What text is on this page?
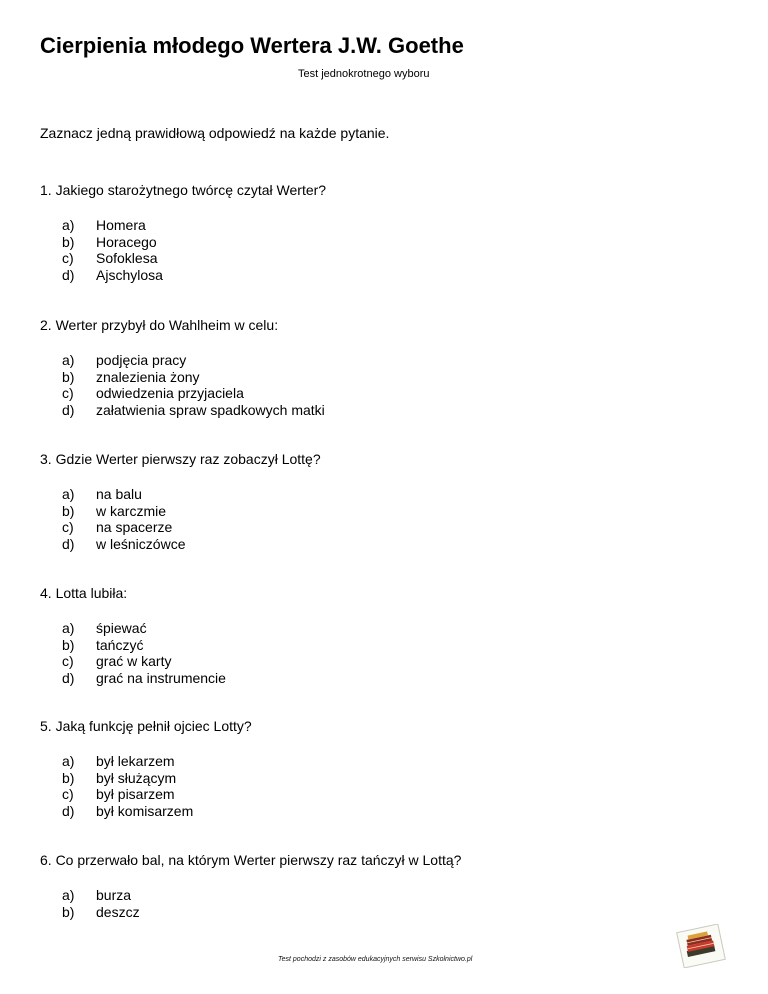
Cierpienia młodego Wertera J.W. Goethe
Test jednokrotnego wyboru
Zaznacz jedną prawidłową odpowiedź na każde pytanie.
1. Jakiego starożytnego twórcę czytał Werter?
a) Homera
b) Horacego
c) Sofoklesa
d) Ajschylosa
2. Werter przybył do Wahlheim w celu:
a) podjęcia pracy
b) znalezienia żony
c) odwiedzenia przyjaciela
d) załatwienia spraw spadkowych matki
3. Gdzie Werter pierwszy raz zobaczył Lottę?
a) na balu
b) w karczmie
c) na spacerze
d) w leśniczówce
4. Lotta lubiła:
a) śpiewać
b) tańczyć
c) grać w karty
d) grać na instrumencie
5. Jaką funkcję pełnił ojciec Lotty?
a) był lekarzem
b) był służącym
c) był pisarzem
d) był komisarzem
6. Co przerwało bal, na którym Werter pierwszy raz tańczył w Lottą?
a) burza
b) deszcz
Test pochodzi z zasobów edukacyjnych serwisu Szkolnictwo.pl
